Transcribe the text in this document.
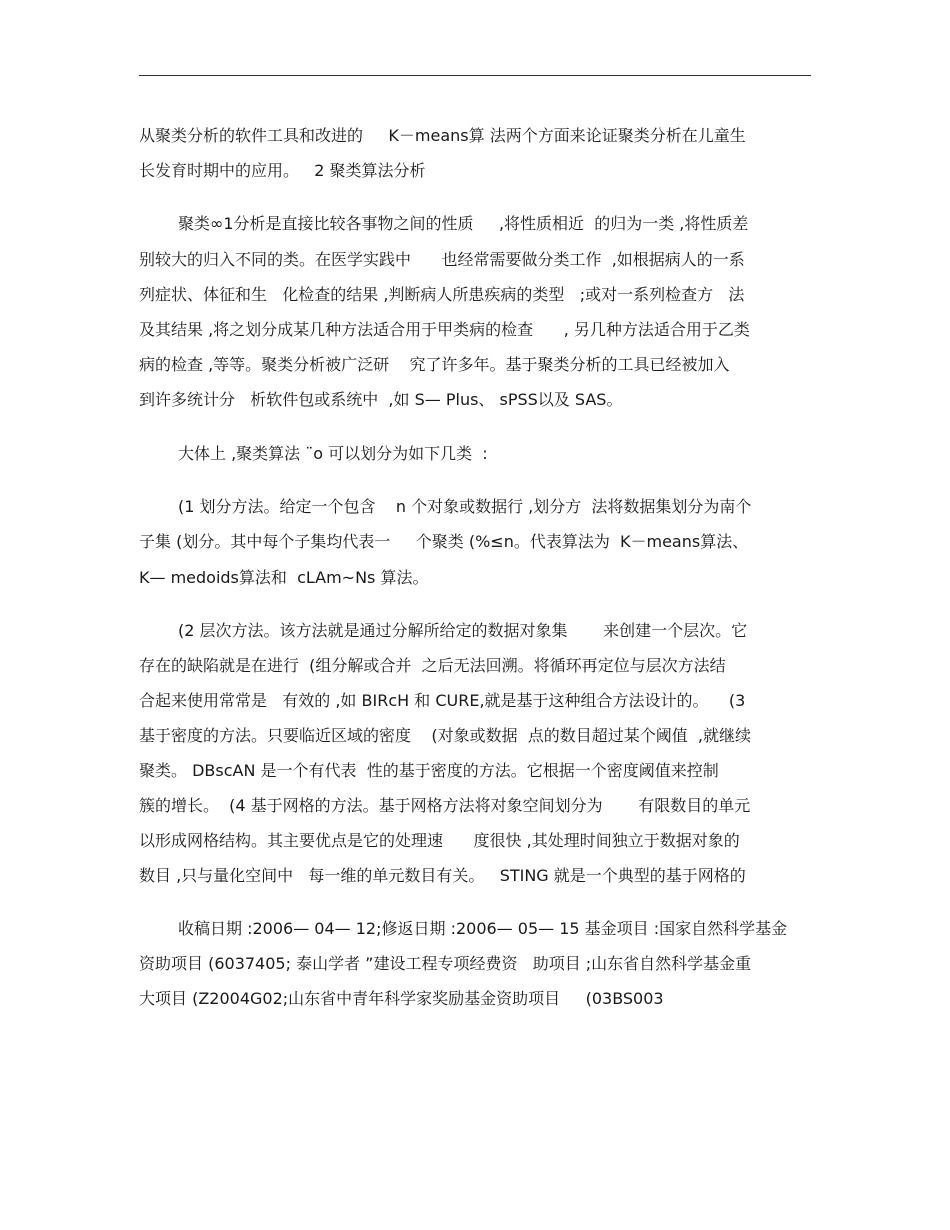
从聚类分析的软件工具和改进的     K－means算 法两个方面来论证聚类分析在儿童生
长发育时期中的应用。   2 聚类算法分析
聚类∞1分析是直接比较各事物之间的性质     ,将性质相近  的归为一类 ,将性质差
别较大的归入不同的类。在医学实践中      也经常需要做分类工作  ,如根据病人的一系
列症状、体征和生   化检查的结果 ,判断病人所患疾病的类型   ;或对一系列检查方   法
及其结果 ,将之划分成某几种方法适合用于甲类病的检查      , 另几种方法适合用于乙类
病的检查 ,等等。聚类分析被广泛研    究了许多年。基于聚类分析的工具已经被加入
到许多统计分   析软件包或系统中  ,如 S— Plus、 sPSS以及 SAS。
大体上 ,聚类算法 ¨o 可以划分为如下几类  :
(1 划分方法。给定一个包含    n 个对象或数据行 ,划分方  法将数据集划分为南个
子集 (划分。其中每个子集均代表一     个聚类 (%≤n。代表算法为  K－means算法、
K— medoids算法和  cLAm~Ns 算法。
(2 层次方法。该方法就是通过分解所给定的数据对象集       来创建一个层次。它
存在的缺陷就是在进行  (组分解或合并  之后无法回溯。将循环再定位与层次方法结
合起来使用常常是   有效的 ,如 BIRcH 和 CURE,就是基于这种组合方法设计的。    (3
基于密度的方法。只要临近区域的密度    (对象或数据  点的数目超过某个阈值  ,就继续
聚类。 DBscAN 是一个有代表  性的基于密度的方法。它根据一个密度阈值来控制
簇的增长。  (4 基于网格的方法。基于网格方法将对象空间划分为       有限数目的单元
以形成网格结构。其主要优点是它的处理速      度很快 ,其处理时间独立于数据对象的
数目 ,只与量化空间中   每一维的单元数目有关。   STING 就是一个典型的基于网格的
收稿日期 :2006— 04— 12;修返日期 :2006— 05— 15 基金项目 :国家自然科学基金
资助项目 (6037405; 泰山学者 ”建设工程专项经费资   助项目 ;山东省自然科学基金重
大项目 (Z2004G02;山东省中青年科学家奖励基金资助项目     (03BS003
